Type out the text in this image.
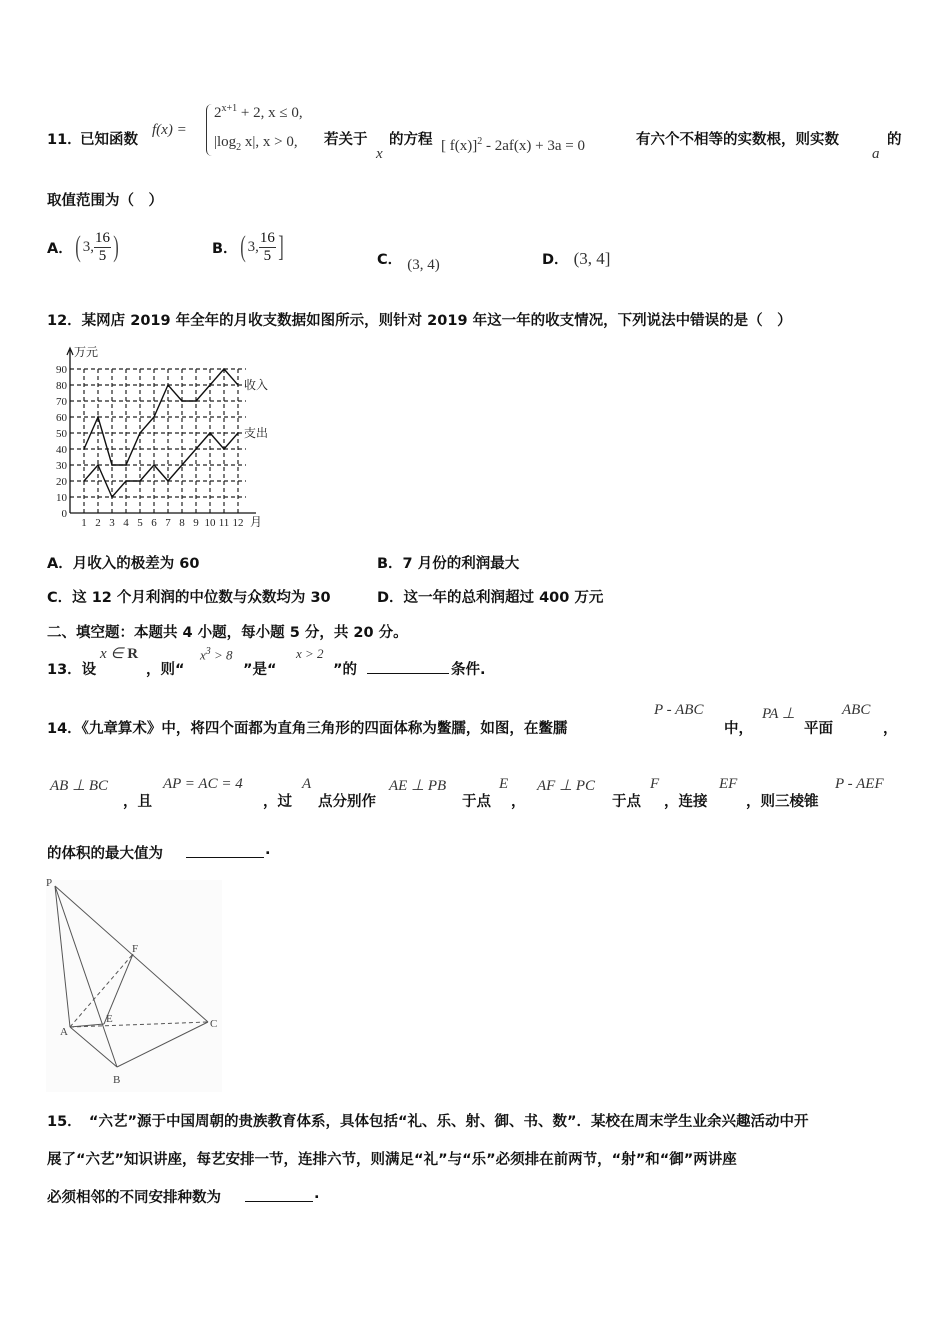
11．
已知函数
f(x) =
$2^{x+1} + 2$, x ≤ 0,
$|\log_2$ x|, x > 0, 若关于
x
的方程 [ f(x)]$^2$ - 2af(x) + 3a = 0	有六个不相等的实数根，则实数
a
的
取值范围为（　）
A． ( 3, $\frac{16}{5}$ )	B． ( 3, $\frac{16}{5}$ ]	C． (3, 4)	D． (3, 4]
12．某网店 2019 年全年的月收支数据如图所示，则针对 2019 年这一年的收支情况，下列说法中错误的是（　）
0
10
20
30
40
50
60
70
80
90
1 2 3 4 5 6 7 8 9 10 11 12
万元
月
收入
支出
A．月收入的极差为 60	B．7 月份的利润最大
C．这 12 个月利润的中位数与众数均为 30	D．这一年的总利润超过 400 万元
二、填空题：本题共 4 小题，每小题 5 分，共 20 分。
13．设
x ∈ R
，则“
$x^3 > 8$
”是“
x > 2
”的	条件.
14．《九章算术》中，将四个面都为直角三角形的四面体称为鳖臑，如图，在鳖臑
P - ABC
中，
PA ⊥
平面
ABC
，
AB ⊥ BC
，且
AP = AC = 4
，过
A
点分别作
AE ⊥ PB
于点
E
，
AF ⊥ PC
于点
F
，连接
EF
，则三棱锥
P - AEF
的体积的最大值为	.
P
F
E
A
C
B
15．　“六艺”源于中国周朝的贵族教育体系，具体包括“礼、乐、射、御、书、数”．某校在周末学生业余兴趣活动中开
展了“六艺”知识讲座，每艺安排一节，连排六节，则满足“礼”与“乐”必须排在前两节，“射”和“御”两讲座
必须相邻的不同安排种数为	.
